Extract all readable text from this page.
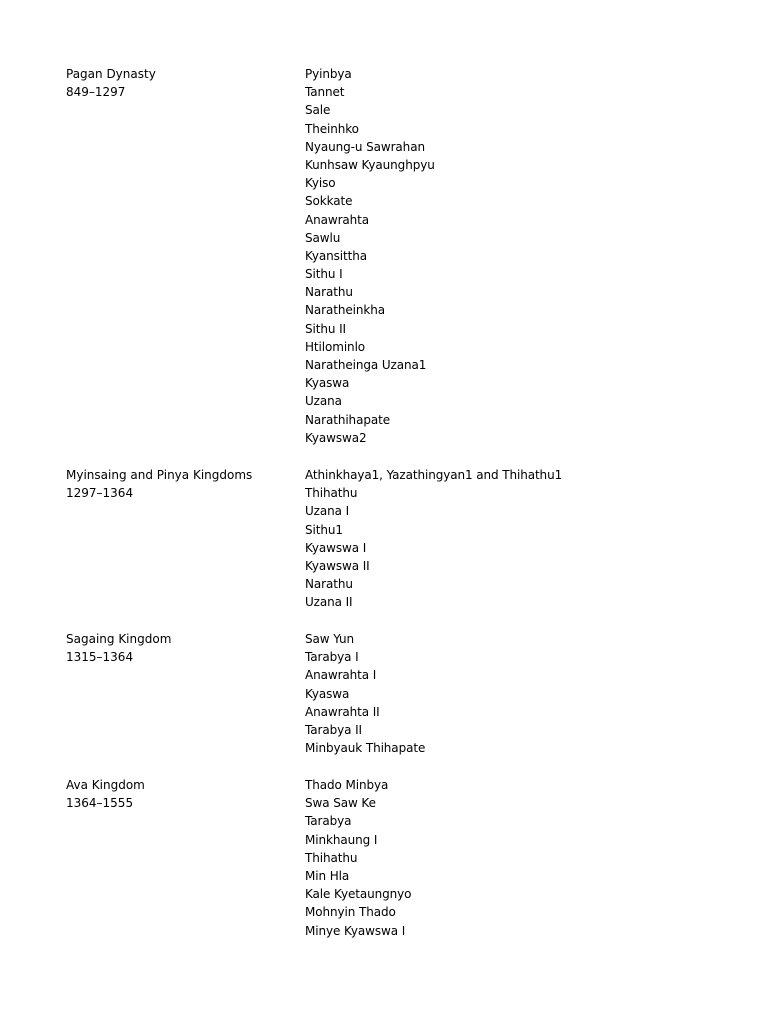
Pagan Dynasty
849–1297
Pyinbya
Tannet
Sale
Theinhko
Nyaung-u Sawrahan
Kunhsaw Kyaunghpyu
Kyiso
Sokkate
Anawrahta
Sawlu
Kyansittha
Sithu I
Narathu
Naratheinkha
Sithu II
Htilominlo
Naratheinga Uzana1
Kyaswa
Uzana
Narathihapate
Kyawswa2
Myinsaing and Pinya Kingdoms
1297–1364
Athinkhaya1, Yazathingyan1 and Thihathu1
Thihathu
Uzana I
Sithu1
Kyawswa I
Kyawswa II
Narathu
Uzana II
Sagaing Kingdom
1315–1364
Saw Yun
Tarabya I
Anawrahta I
Kyaswa
Anawrahta II
Tarabya II
Minbyauk Thihapate
Ava Kingdom
1364–1555
Thado Minbya
Swa Saw Ke
Tarabya
Minkhaung I
Thihathu
Min Hla
Kale Kyetaungnyo
Mohnyin Thado
Minye Kyawswa I
